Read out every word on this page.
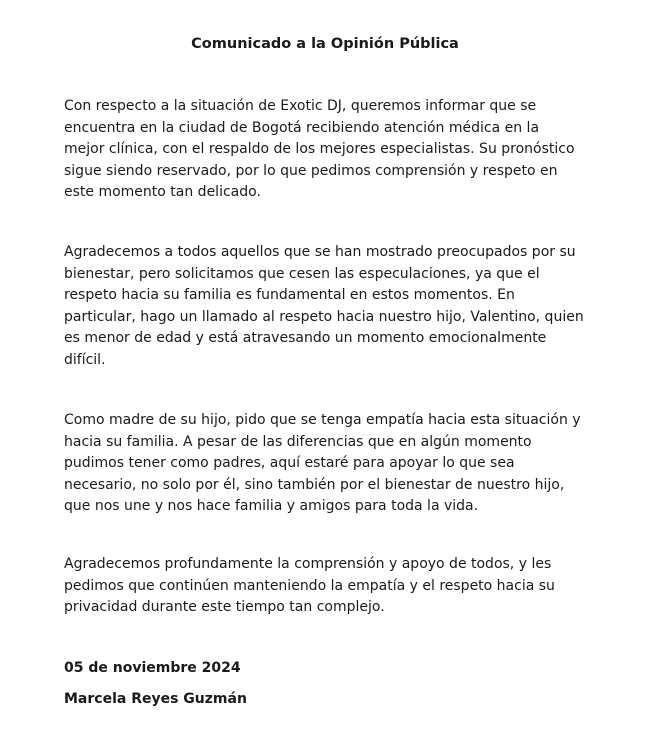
Comunicado a la Opinión Pública

Con respecto a la situación de Exotic DJ, queremos informar que se
encuentra en la ciudad de Bogotá recibiendo atención médica en la
mejor clínica, con el respaldo de los mejores especialistas. Su pronóstico
sigue siendo reservado, por lo que pedimos comprensión y respeto en
este momento tan delicado.

Agradecemos a todos aquellos que se han mostrado preocupados por su
bienestar, pero solicitamos que cesen las especulaciones, ya que el
respeto hacia su familia es fundamental en estos momentos. En
particular, hago un llamado al respeto hacia nuestro hijo, Valentino, quien
es menor de edad y está atravesando un momento emocionalmente
difícil.

Como madre de su hijo, pido que se tenga empatía hacia esta situación y
hacia su familia. A pesar de las diferencias que en algún momento
pudimos tener como padres, aquí estaré para apoyar lo que sea
necesario, no solo por él, sino también por el bienestar de nuestro hijo,
que nos une y nos hace familia y amigos para toda la vida.

Agradecemos profundamente la comprensión y apoyo de todos, y les
pedimos que continúen manteniendo la empatía y el respeto hacia su
privacidad durante este tiempo tan complejo.

05 de noviembre 2024
Marcela Reyes Guzmán
